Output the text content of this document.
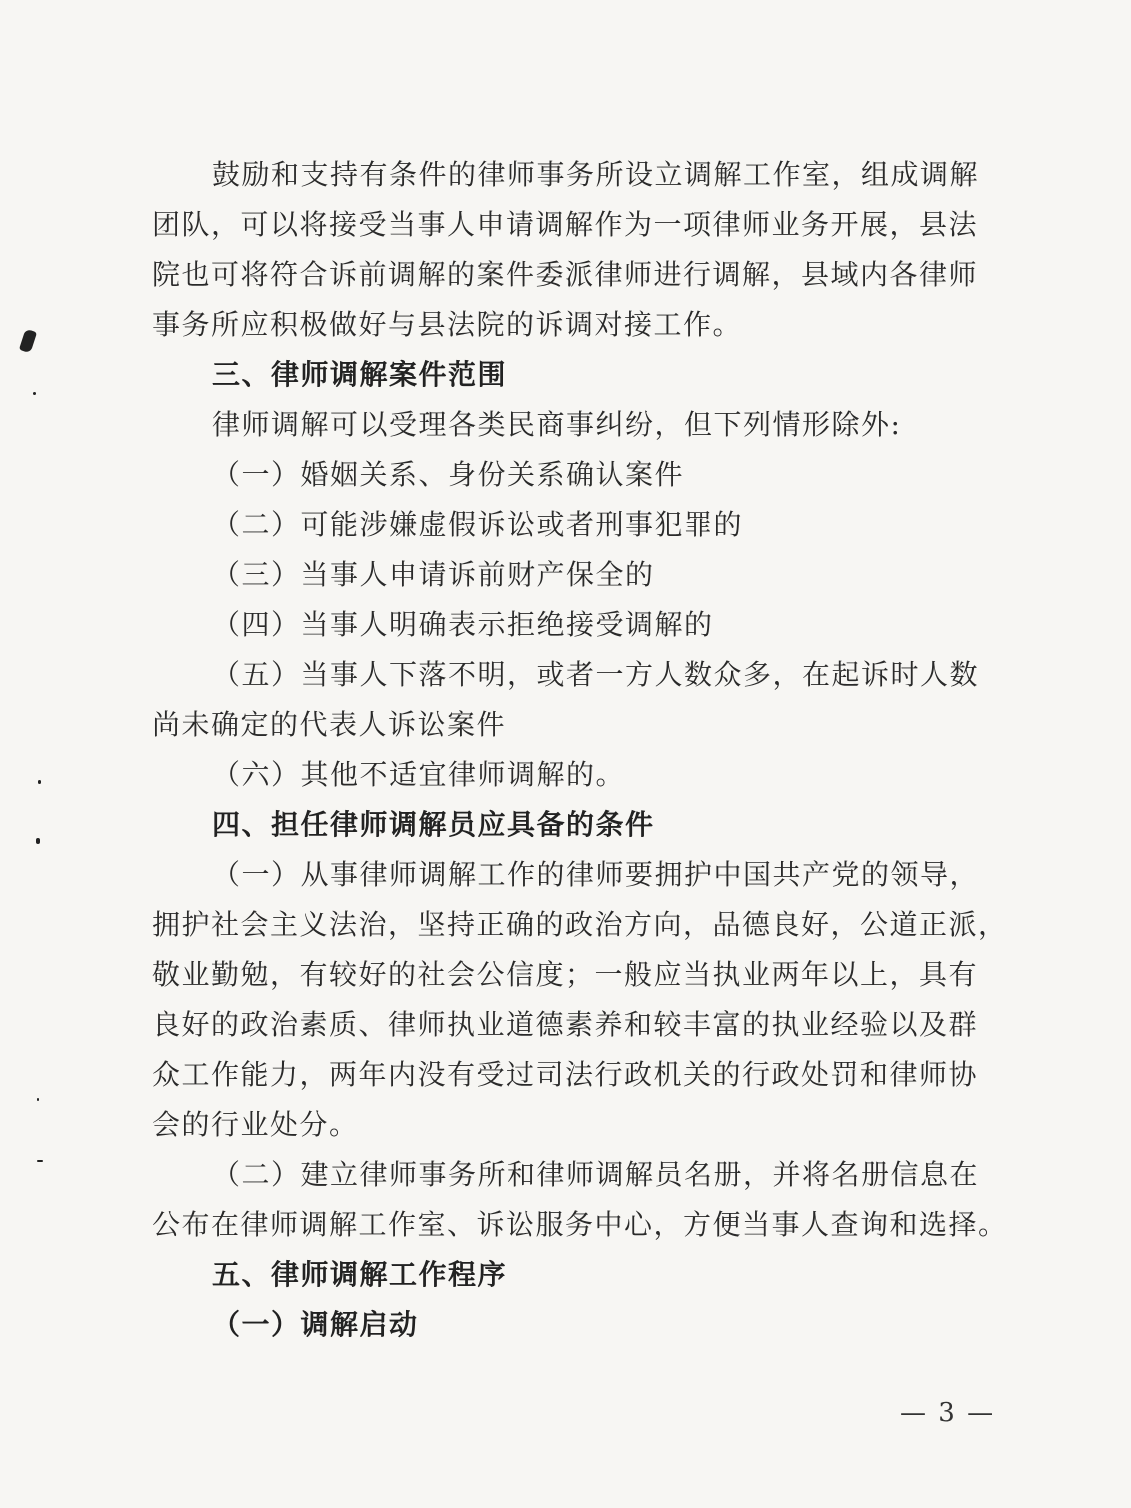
鼓励和支持有条件的律师事务所设立调解工作室，组成调解
团队，可以将接受当事人申请调解作为一项律师业务开展，县法
院也可将符合诉前调解的案件委派律师进行调解，县域内各律师
事务所应积极做好与县法院的诉调对接工作。
三、律师调解案件范围
律师调解可以受理各类民商事纠纷，但下列情形除外:
（一）婚姻关系、身份关系确认案件
（二）可能涉嫌虚假诉讼或者刑事犯罪的
（三）当事人申请诉前财产保全的
（四）当事人明确表示拒绝接受调解的
（五）当事人下落不明，或者一方人数众多，在起诉时人数
尚未确定的代表人诉讼案件
（六）其他不适宜律师调解的。
四、担任律师调解员应具备的条件
（一）从事律师调解工作的律师要拥护中国共产党的领导，
拥护社会主义法治，坚持正确的政治方向，品德良好，公道正派，
敬业勤勉，有较好的社会公信度；一般应当执业两年以上，具有
良好的政治素质、律师执业道德素养和较丰富的执业经验以及群
众工作能力，两年内没有受过司法行政机关的行政处罚和律师协
会的行业处分。
（二）建立律师事务所和律师调解员名册，并将名册信息在
公布在律师调解工作室、诉讼服务中心，方便当事人查询和选择。
五、律师调解工作程序
（一）调解启动
— 3 —
